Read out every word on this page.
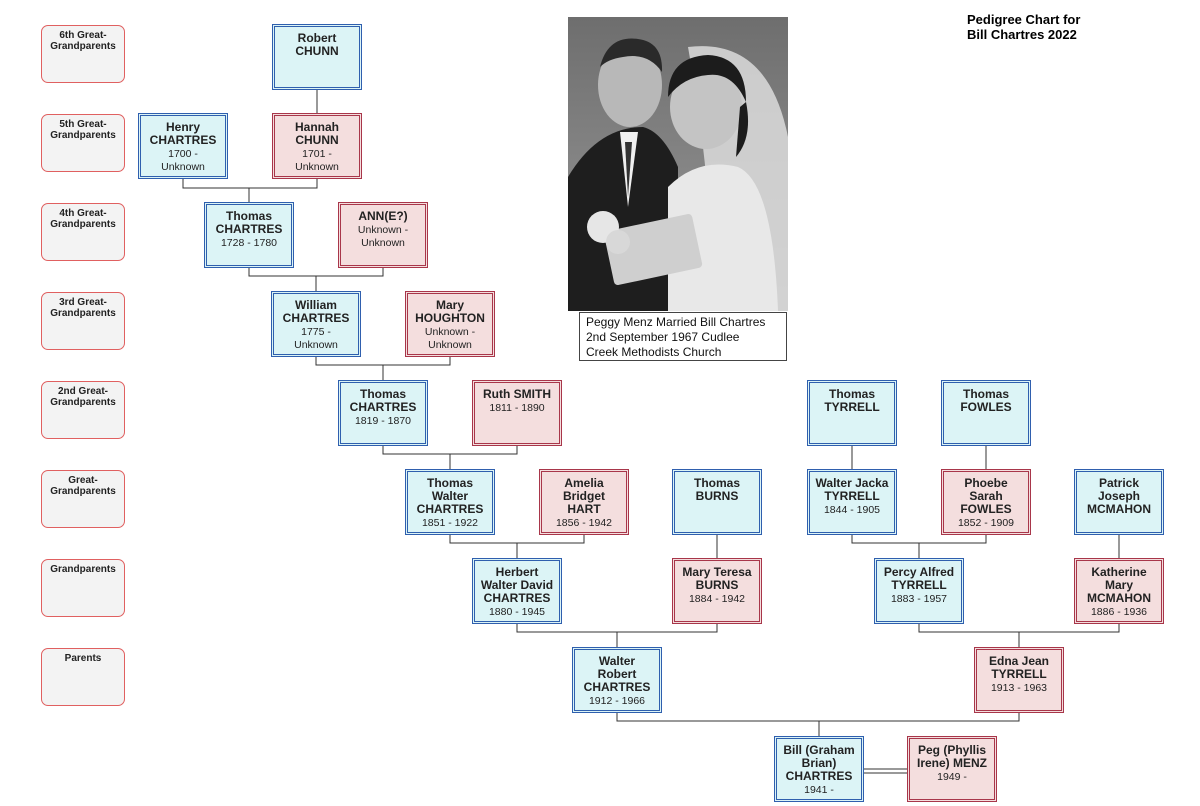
6th Great-
Grandparents
5th Great-
Grandparents
4th Great-
Grandparents
3rd Great-
Grandparents
2nd Great-
Grandparents
Great-
Grandparents
Grandparents
Parents
Pedigree Chart for
Bill Chartres 2022
Peggy Menz Married Bill Chartres
2nd September 1967 Cudlee
Creek Methodists Church
Robert
CHUNN
Henry
CHARTRES
1700 -
Unknown
Hannah
CHUNN
1701 -
Unknown
Thomas
CHARTRES
1728 - 1780
ANN(E?)
Unknown -
Unknown
William
CHARTRES
1775 -
Unknown
Mary
HOUGHTON
Unknown -
Unknown
Thomas
CHARTRES
1819 - 1870
Ruth SMITH
1811 - 1890
Thomas
TYRRELL
Thomas
FOWLES
Thomas
Walter
CHARTRES
1851 - 1922
Amelia
Bridget
HART
1856 - 1942
Thomas
BURNS
Walter Jacka
TYRRELL
1844 - 1905
Phoebe
Sarah
FOWLES
1852 - 1909
Patrick
Joseph
MCMAHON
Herbert
Walter David
CHARTRES
1880 - 1945
Mary Teresa
BURNS
1884 - 1942
Percy Alfred
TYRRELL
1883 - 1957
Katherine
Mary
MCMAHON
1886 - 1936
Walter
Robert
CHARTRES
1912 - 1966
Edna Jean
TYRRELL
1913 - 1963
Bill (Graham
Brian)
CHARTRES
1941 -
Peg (Phyllis
Irene) MENZ
1949 -
